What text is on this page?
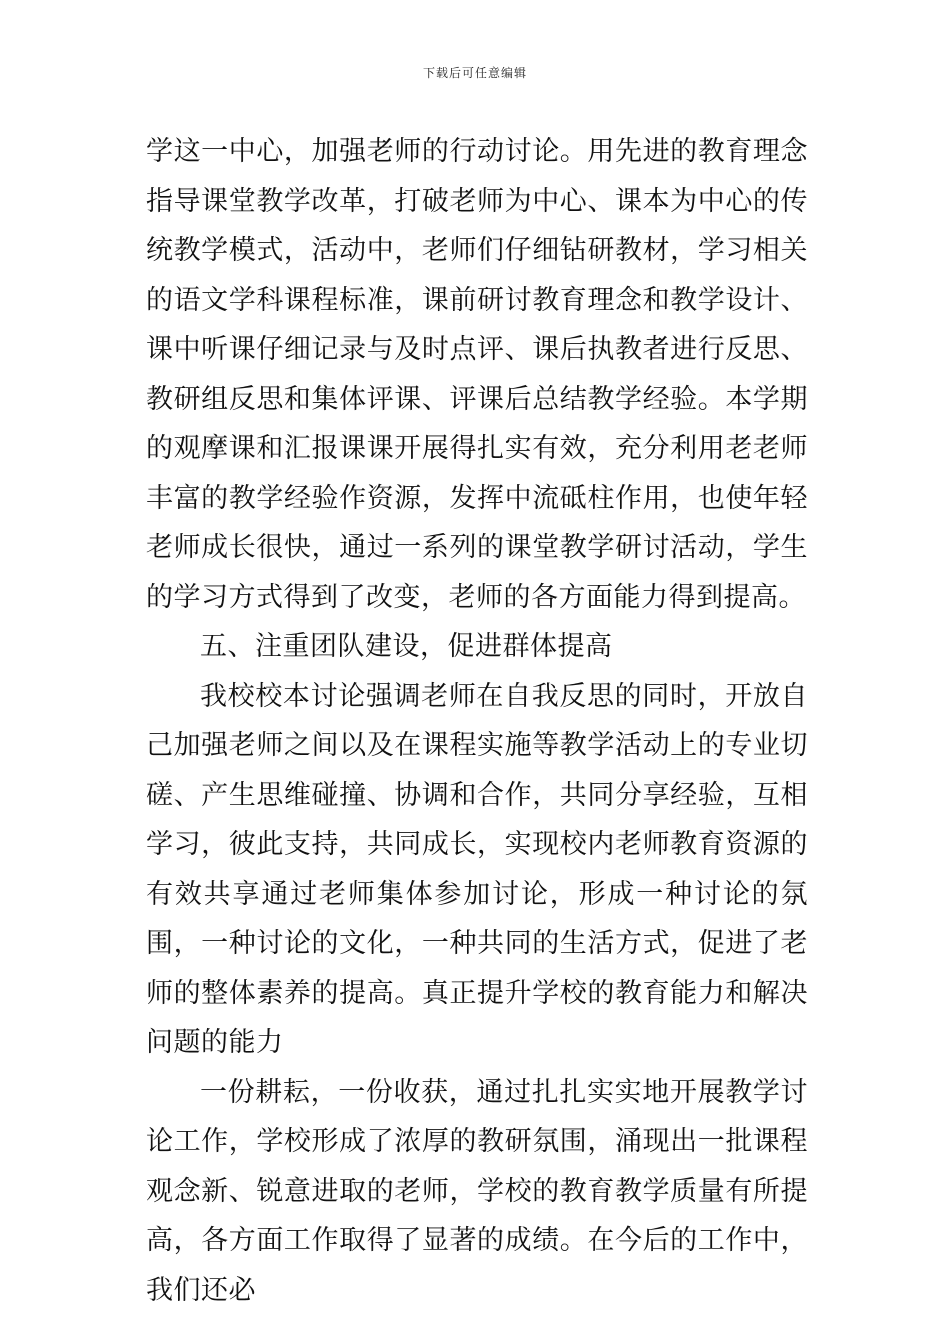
下载后可任意编辑

学这一中心，加强老师的行动讨论。用先进的教育理念指导课堂教学改革，打破老师为中心、课本为中心的传统教学模式，活动中，老师们仔细钻研教材，学习相关的语文学科课程标准，课前研讨教育理念和教学设计、课中听课仔细记录与及时点评、课后执教者进行反思、教研组反思和集体评课、评课后总结教学经验。本学期的观摩课和汇报课课开展得扎实有效，充分利用老老师丰富的教学经验作资源，发挥中流砥柱作用，也使年轻老师成长很快，通过一系列的课堂教学研讨活动，学生的学习方式得到了改变，老师的各方面能力得到提高。

五、注重团队建设，促进群体提高

我校校本讨论强调老师在自我反思的同时，开放自己加强老师之间以及在课程实施等教学活动上的专业切磋、产生思维碰撞、协调和合作，共同分享经验，互相学习，彼此支持，共同成长，实现校内老师教育资源的有效共享通过老师集体参加讨论，形成一种讨论的氛围，一种讨论的文化，一种共同的生活方式，促进了老师的整体素养的提高。真正提升学校的教育能力和解决问题的能力

一份耕耘，一份收获，通过扎扎实实地开展教学讨论工作，学校形成了浓厚的教研氛围，涌现出一批课程观念新、锐意进取的老师，学校的教育教学质量有所提高，各方面工作取得了显著的成绩。在今后的工作中，我们还必
